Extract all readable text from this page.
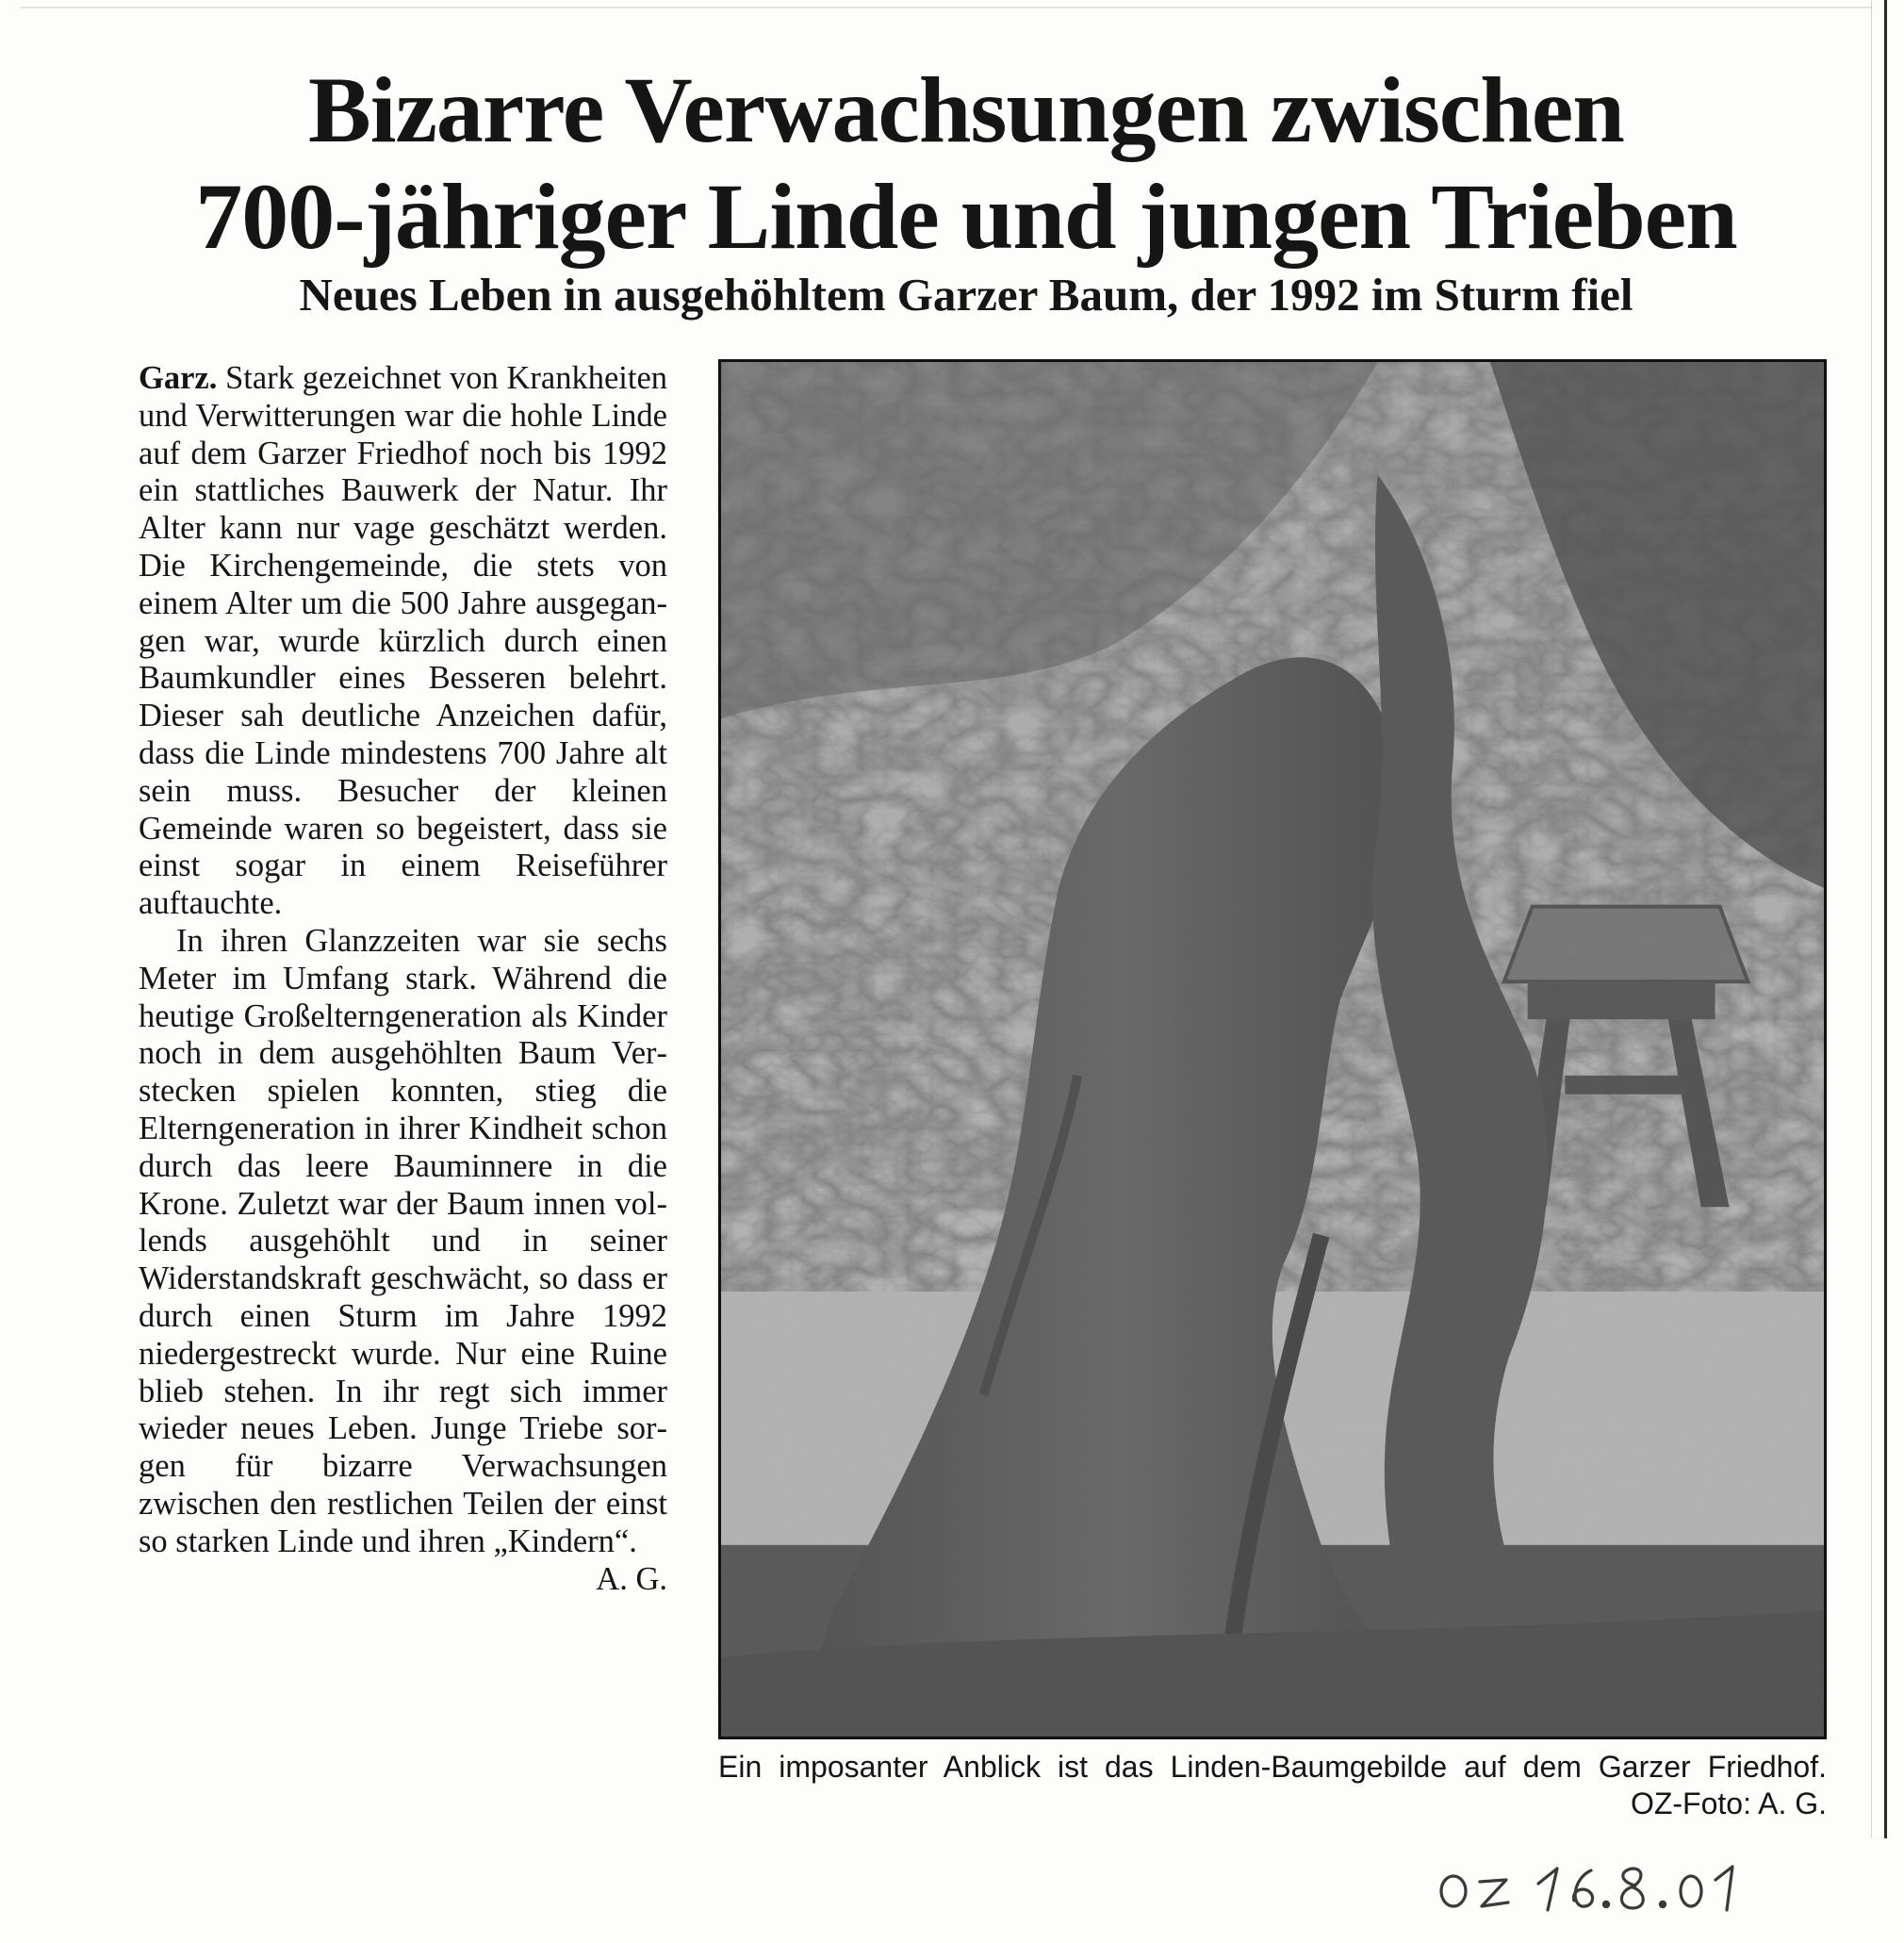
Bizarre Verwachsungen zwischen
700-jähriger Linde und jungen Trieben
Neues Leben in ausgehöhltem Garzer Baum, der 1992 im Sturm fiel

Garz. Stark gezeichnet von Krankheiten und Verwitterungen war die hohle Linde auf dem Garzer Friedhof noch bis 1992 ein stattliches Bauwerk der Natur. Ihr Alter kann nur vage geschätzt werden. Die Kirchengemeinde, die stets von einem Alter um die 500 Jahre ausgegangen war, wurde kürzlich durch einen Baumkundler eines Besseren belehrt. Dieser sah deutliche Anzeichen dafür, dass die Linde mindestens 700 Jahre alt sein muss. Besucher der kleinen Gemeinde waren so begeistert, dass sie einst sogar in einem Reiseführer auftauchte.

In ihren Glanzzeiten war sie sechs Meter im Umfang stark. Während die heutige Großelterngeneration als Kinder noch in dem ausgehöhlten Baum Verstecken spielen konnten, stieg die Elterngeneration in ihrer Kindheit schon durch das leere Bauminnere in die Krone. Zuletzt war der Baum innen vollends ausgehöhlt und in seiner Widerstandskraft geschwächt, so dass er durch einen Sturm im Jahre 1992 niedergestreckt wurde. Nur eine Ruine blieb stehen. In ihr regt sich immer wieder neues Leben. Junge Triebe sorgen für bizarre Verwachsungen zwischen den restlichen Teilen der einst so starken Linde und ihren „Kindern“.
A. G.

Ein imposanter Anblick ist das Linden-Baumgebilde auf dem Garzer Friedhof.

OZ-Foto: A. G.
